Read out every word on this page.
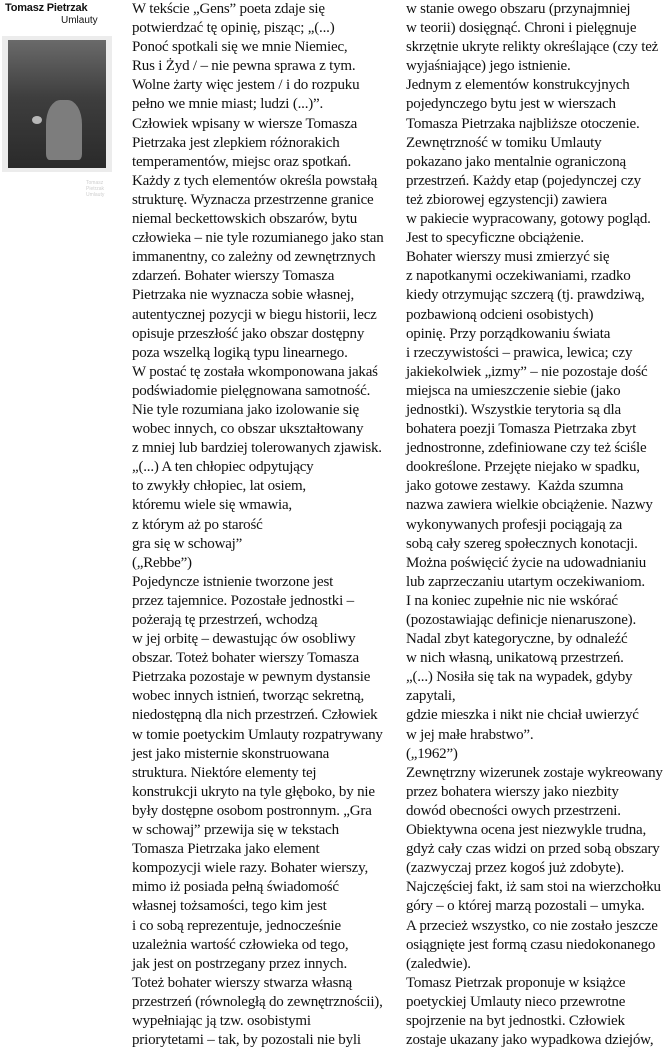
Tomasz Pietrzak
Umlauty
Tomasz Pietrzak Umlauty
W tekście „Gens” poeta zdaje się
potwierdzać tę opinię, pisząc; „(...)
Ponoć spotkali się we mnie Niemiec,
Rus i Żyd / – nie pewna sprawa z tym.
Wolne żarty więc jestem / i do rozpuku
pełno we mnie miast; ludzi (...)”.
Człowiek wpisany w wiersze Tomasza
Pietrzaka jest zlepkiem różnorakich
temperamentów, miejsc oraz spotkań.
Każdy z tych elementów określa powstałą
strukturę. Wyznacza przestrzenne granice
niemal beckettowskich obszarów, bytu
człowieka – nie tyle rozumianego jako stan
immanentny, co zależny od zewnętrznych
zdarzeń. Bohater wierszy Tomasza
Pietrzaka nie wyznacza sobie własnej,
autentycznej pozycji w biegu historii, lecz
opisuje przeszłość jako obszar dostępny
poza wszelką logiką typu linearnego.
W postać tę została wkomponowana jakaś
podświadomie pielęgnowana samotność.
Nie tyle rozumiana jako izolowanie się
wobec innych, co obszar ukształtowany
z mniej lub bardziej tolerowanych zjawisk.
„(...) A ten chłopiec odpytujący
to zwykły chłopiec, lat osiem,
któremu wiele się wmawia,
z którym aż po starość
gra się w schowaj”
(„Rebbe”)
Pojedyncze istnienie tworzone jest
przez tajemnice. Pozostałe jednostki –
pożerają tę przestrzeń, wchodzą
w jej orbitę – dewastując ów osobliwy
obszar. Toteż bohater wierszy Tomasza
Pietrzaka pozostaje w pewnym dystansie
wobec innych istnień, tworząc sekretną,
niedostępną dla nich przestrzeń. Człowiek
w tomie poetyckim Umlauty rozpatrywany
jest jako misternie skonstruowana
struktura. Niektóre elementy tej
konstrukcji ukryto na tyle głęboko, by nie
były dostępne osobom postronnym. „Gra
w schowaj” przewija się w tekstach
Tomasza Pietrzaka jako element
kompozycji wiele razy. Bohater wierszy,
mimo iż posiada pełną świadomość
własnej tożsamości, tego kim jest
i co sobą reprezentuje, jednocześnie
uzależnia wartość człowieka od tego,
jak jest on postrzegany przez innych.
Toteż bohater wierszy stwarza własną
przestrzeń (równoległą do zewnętrznościi),
wypełniając ją tzw. osobistymi
priorytetami – tak, by pozostali nie byli
w stanie owego obszaru (przynajmniej
w teorii) dosięgnąć. Chroni i pielęgnuje
skrzętnie ukryte relikty określające (czy też
wyjaśniające) jego istnienie.
Jednym z elementów konstrukcyjnych
pojedynczego bytu jest w wierszach
Tomasza Pietrzaka najbliższe otoczenie.
Zewnętrzność w tomiku Umlauty
pokazano jako mentalnie ograniczoną
przestrzeń. Każdy etap (pojedynczej czy
też zbiorowej egzystencji) zawiera
w pakiecie wypracowany, gotowy pogląd.
Jest to specyficzne obciążenie.
Bohater wierszy musi zmierzyć się
z napotkanymi oczekiwaniami, rzadko
kiedy otrzymując szczerą (tj. prawdziwą,
pozbawioną odcieni osobistych)
opinię. Przy porządkowaniu świata
i rzeczywistości – prawica, lewica; czy
jakiekolwiek „izmy” – nie pozostaje dość
miejsca na umieszczenie siebie (jako
jednostki). Wszystkie terytoria są dla
bohatera poezji Tomasza Pietrzaka zbyt
jednostronne, zdefiniowane czy też ściśle
dookreślone. Przejęte niejako w spadku,
jako gotowe zestawy.  Każda szumna
nazwa zawiera wielkie obciążenie. Nazwy
wykonywanych profesji pociągają za
sobą cały szereg społecznych konotacji.
Można poświęcić życie na udowadnianiu
lub zaprzeczaniu utartym oczekiwaniom.
I na koniec zupełnie nic nie wskórać
(pozostawiając definicje nienaruszone).
Nadal zbyt kategoryczne, by odnaleźć
w nich własną, unikatową przestrzeń.
„(...) Nosiła się tak na wypadek, gdyby
zapytali,
gdzie mieszka i nikt nie chciał uwierzyć
w jej małe hrabstwo”.
(„1962”)
Zewnętrzny wizerunek zostaje wykreowany
przez bohatera wierszy jako niezbity
dowód obecności owych przestrzeni.
Obiektywna ocena jest niezwykle trudna,
gdyż cały czas widzi on przed sobą obszary
(zazwyczaj przez kogoś już zdobyte).
Najczęściej fakt, iż sam stoi na wierzchołku
góry – o której marzą pozostali – umyka.
A przecież wszystko, co nie zostało jeszcze
osiągnięte jest formą czasu niedokonanego
(zaledwie).
Tomasz Pietrzak proponuje w książce
poetyckiej Umlauty nieco przewrotne
spojrzenie na byt jednostki. Człowiek
zostaje ukazany jako wypadkowa dziejów,
